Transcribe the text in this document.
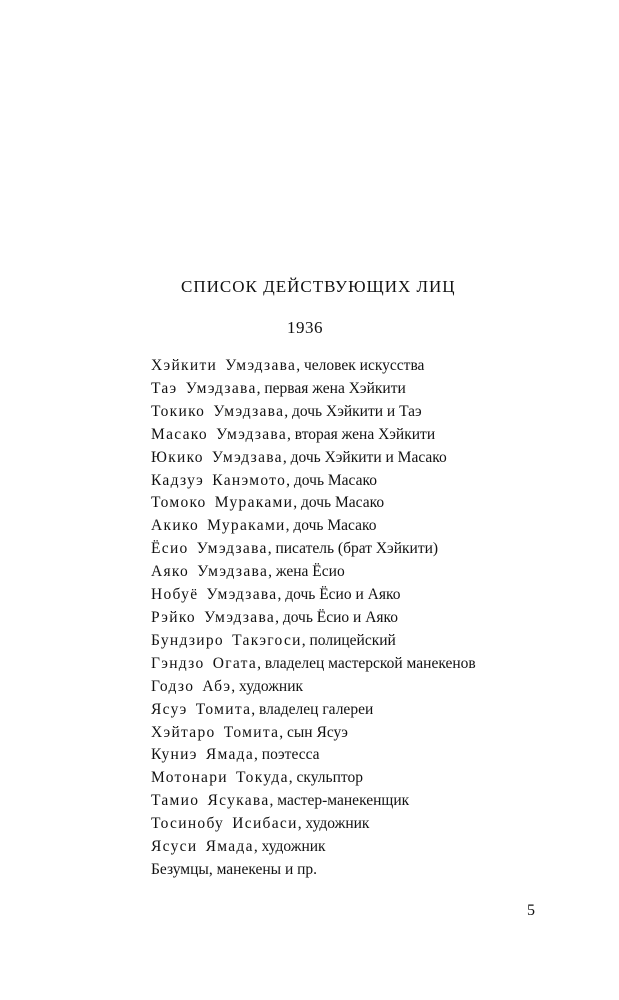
СПИСОК ДЕЙСТВУЮЩИХ ЛИЦ
1936
Хэйкити Умэдзава, человек искусства
Таэ Умэдзава, первая жена Хэйкити
Токико Умэдзава, дочь Хэйкити и Таэ
Масако Умэдзава, вторая жена Хэйкити
Юкико Умэдзава, дочь Хэйкити и Масако
Кадзуэ Канэмото, дочь Масако
Томоко Мураками, дочь Масако
Акико Мураками, дочь Масако
Ёсио Умэдзава, писатель (брат Хэйкити)
Аяко Умэдзава, жена Ёсио
Нобуё Умэдзава, дочь Ёсио и Аяко
Рэйко Умэдзава, дочь Ёсио и Аяко
Бундзиро Такэгоси, полицейский
Гэндзо Огата, владелец мастерской манекенов
Годзо Абэ, художник
Ясуэ Томита, владелец галереи
Хэйтаро Томита, сын Ясуэ
Куниэ Ямада, поэтесса
Мотонари Токуда, скульптор
Тамио Ясукава, мастер-манекенщик
Тосинобу Исибаси, художник
Ясуси Ямада, художник
Безумцы, манекены и пр.
5
